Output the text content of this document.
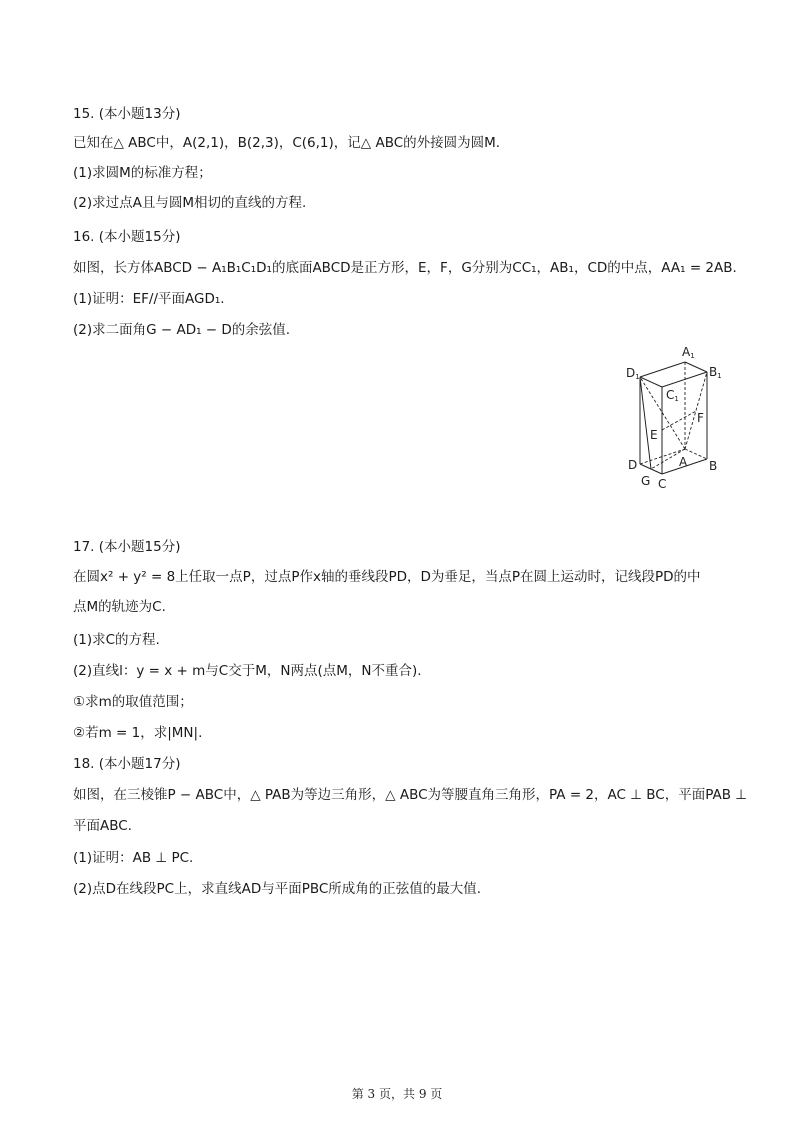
15. (本小题13分)
已知在△ ABC中，A(2,1)，B(2,3)，C(6,1)，记△ ABC的外接圆为圆M.
(1)求圆M的标准方程；
(2)求过点A且与圆M相切的直线的方程.
16. (本小题15分)
如图，长方体ABCD − A₁B₁C₁D₁的底面ABCD是正方形，E，F，G分别为CC₁，AB₁，CD的中点，AA₁ = 2AB.
(1)证明：EF//平面AGD₁.
(2)求二面角G − AD₁ − D的余弦值.
17. (本小题15分)
在圆x² + y² = 8上任取一点P，过点P作x轴的垂线段PD，D为垂足，当点P在圆上运动时，记线段PD的中
点M的轨迹为C.
(1)求C的方程.
(2)直线l：y = x + m与C交于M，N两点(点M，N不重合).
①求m的取值范围；
②若m = 1，求|MN|.
18. (本小题17分)
如图，在三棱锥P − ABC中，△ PAB为等边三角形，△ ABC为等腰直角三角形，PA = 2，AC ⊥ BC，平面PAB ⊥
平面ABC.
(1)证明：AB ⊥ PC.
(2)点D在线段PC上，求直线AD与平面PBC所成角的正弦值的最大值.
A1
B1
D1
C1
F
E
A B
D
G C
第 3 页，共 9 页
